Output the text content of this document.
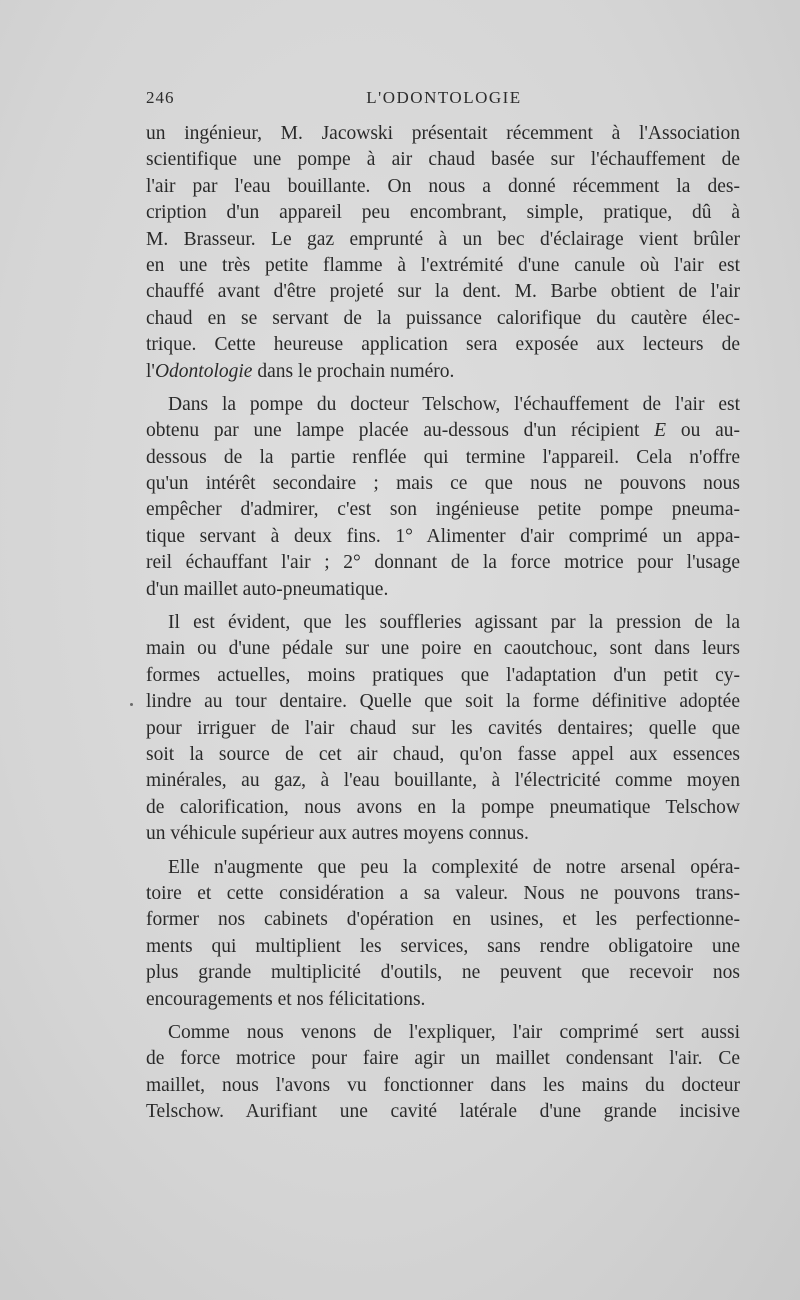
246	L'ODONTOLOGIE
un ingénieur, M. Jacowski présentait récemment à l'Association
scientifique une pompe à air chaud basée sur l'échauffement de
l'air par l'eau bouillante. On nous a donné récemment la des-
cription d'un appareil peu encombrant, simple, pratique, dû à
M. Brasseur. Le gaz emprunté à un bec d'éclairage vient brûler
en une très petite flamme à l'extrémité d'une canule où l'air est
chauffé avant d'être projeté sur la dent. M. Barbe obtient de l'air
chaud en se servant de la puissance calorifique du cautère élec-
trique. Cette heureuse application sera exposée aux lecteurs de
l'Odontologie dans le prochain numéro.
Dans la pompe du docteur Telschow, l'échauffement de l'air est
obtenu par une lampe placée au-dessous d'un récipient E ou au-
dessous de la partie renflée qui termine l'appareil. Cela n'offre
qu'un intérêt secondaire ; mais ce que nous ne pouvons nous
empêcher d'admirer, c'est son ingénieuse petite pompe pneuma-
tique servant à deux fins. 1° Alimenter d'air comprimé un appa-
reil échauffant l'air ; 2° donnant de la force motrice pour l'usage
d'un maillet auto-pneumatique.
Il est évident, que les souffleries agissant par la pression de la
main ou d'une pédale sur une poire en caoutchouc, sont dans leurs
formes actuelles, moins pratiques que l'adaptation d'un petit cy-
lindre au tour dentaire. Quelle que soit la forme définitive adoptée
pour irriguer de l'air chaud sur les cavités dentaires; quelle que
soit la source de cet air chaud, qu'on fasse appel aux essences
minérales, au gaz, à l'eau bouillante, à l'électricité comme moyen
de calorification, nous avons en la pompe pneumatique Telschow
un véhicule supérieur aux autres moyens connus.
Elle n'augmente que peu la complexité de notre arsenal opéra-
toire et cette considération a sa valeur. Nous ne pouvons trans-
former nos cabinets d'opération en usines, et les perfectionne-
ments qui multiplient les services, sans rendre obligatoire une
plus grande multiplicité d'outils, ne peuvent que recevoir nos
encouragements et nos félicitations.
Comme nous venons de l'expliquer, l'air comprimé sert aussi
de force motrice pour faire agir un maillet condensant l'air. Ce
maillet, nous l'avons vu fonctionner dans les mains du docteur
Telschow. Aurifiant une cavité latérale d'une grande incisive
